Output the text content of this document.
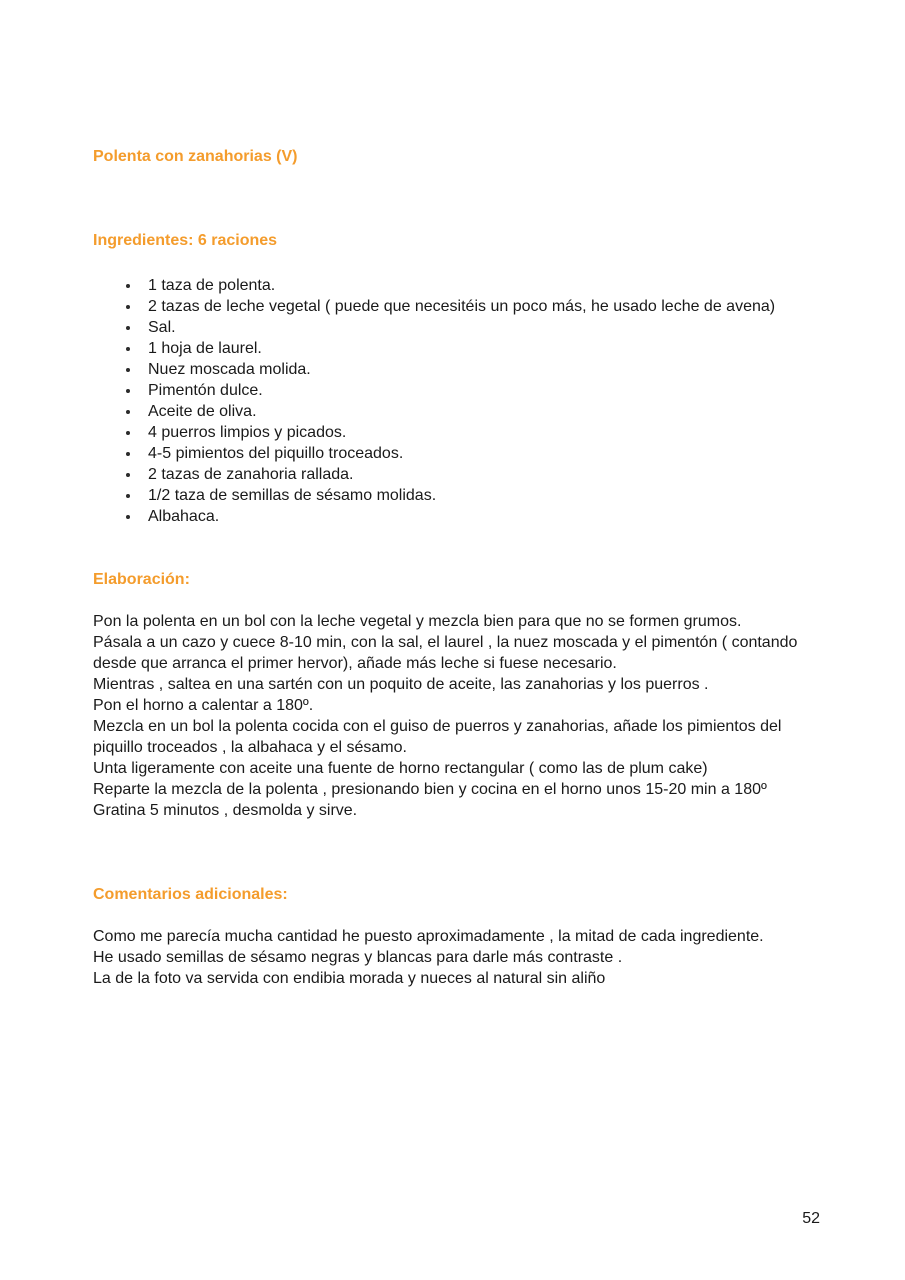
Polenta con zanahorias (V)
Ingredientes: 6 raciones
1 taza de polenta.
2 tazas de leche vegetal ( puede que necesitéis un poco más, he usado leche de avena)
Sal.
1 hoja de laurel.
Nuez moscada molida.
Pimentón dulce.
Aceite de oliva.
4 puerros limpios y picados.
4-5 pimientos del piquillo troceados.
2 tazas de zanahoria rallada.
1/2 taza de semillas de sésamo molidas.
Albahaca.
Elaboración:

Pon la polenta en un bol con la leche vegetal y mezcla bien para que no se formen grumos.

Pásala a un cazo y cuece 8-10 min, con la sal, el laurel , la nuez moscada y el pimentón ( contando desde que arranca el primer hervor), añade más leche si fuese necesario.

Mientras , saltea en una sartén con un poquito de aceite, las zanahorias y los puerros .

Pon el horno a calentar a 180º.

Mezcla en un bol la polenta cocida con el guiso de puerros y zanahorias, añade los pimientos del piquillo troceados , la albahaca y el sésamo.

Unta ligeramente con aceite una fuente de horno rectangular ( como las de plum cake)

Reparte la mezcla de la polenta , presionando bien y cocina en el horno unos 15-20 min a 180º

Gratina 5 minutos , desmolda y sirve.

Comentarios adicionales:

Como me parecía mucha cantidad he puesto aproximadamente , la mitad de cada ingrediente.

He usado semillas de sésamo negras y blancas para darle más contraste .

La de la foto va servida con endibia morada y nueces al natural sin aliño

52
